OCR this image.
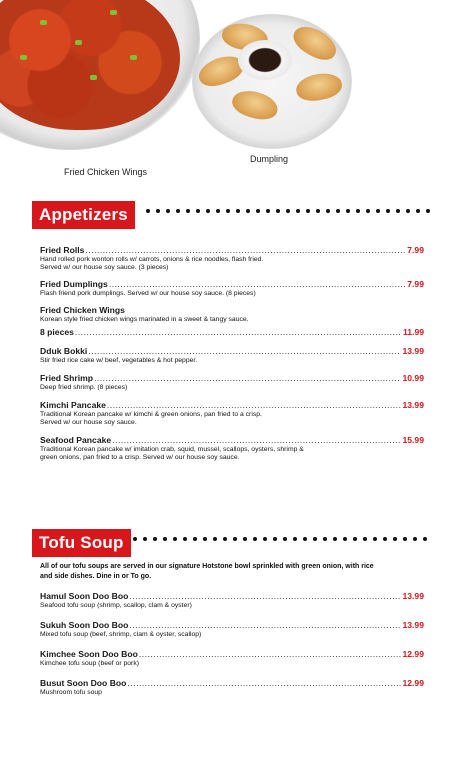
Fried Chicken Wings
Dumpling
Appetizers
Fried Rolls .....	7.99
Hand rolled pork wonton rolls w/ carrots, onions & rice noodles, flash fried.
Served w/ our house soy sauce. (3 pieces)
Fried Dumplings .....	7.99
Flash friend pork dumplings. Served w/ our house soy sauce. (8 pieces)
Fried Chicken Wings
Korean style fried chicken wings marinated in a sweet & tangy sauce.
8 pieces .....	11.99
Dduk Bokki .....	13.99
Stir fried rice cake w/ beef, vegetables & hot pepper.
Fried Shrimp .....	10.99
Deep fried shrimp. (8 pieces)
Kimchi Pancake .....	13.99
Traditional Korean pancake w/ kimchi & green onions, pan fried to a crisp.
Served w/ our house soy sauce.
Seafood Pancake .....	15.99
Traditional Korean pancake w/ imitation crab, squid, mussel, scallops, oysters, shrimp &
green onions, pan fried to a crisp. Served w/ our house soy sauce.
Tofu Soup
All of our tofu soups are served in our signature Hotstone bowl sprinkled with green onion, with rice
and side dishes. Dine in or To go.
Hamul Soon Doo Boo .....	13.99
Seafood tofu soup (shrimp, scallop, clam & oyster)
Sukuh Soon Doo Boo .....	13.99
Mixed tofu soup (beef, shrimp, clam & oyster, scallop)
Kimchee Soon Doo Boo .....	12.99
Kimchee tofu soup (beef or pork)
Busut Soon Doo Boo .....	12.99
Mushroom tofu soup
